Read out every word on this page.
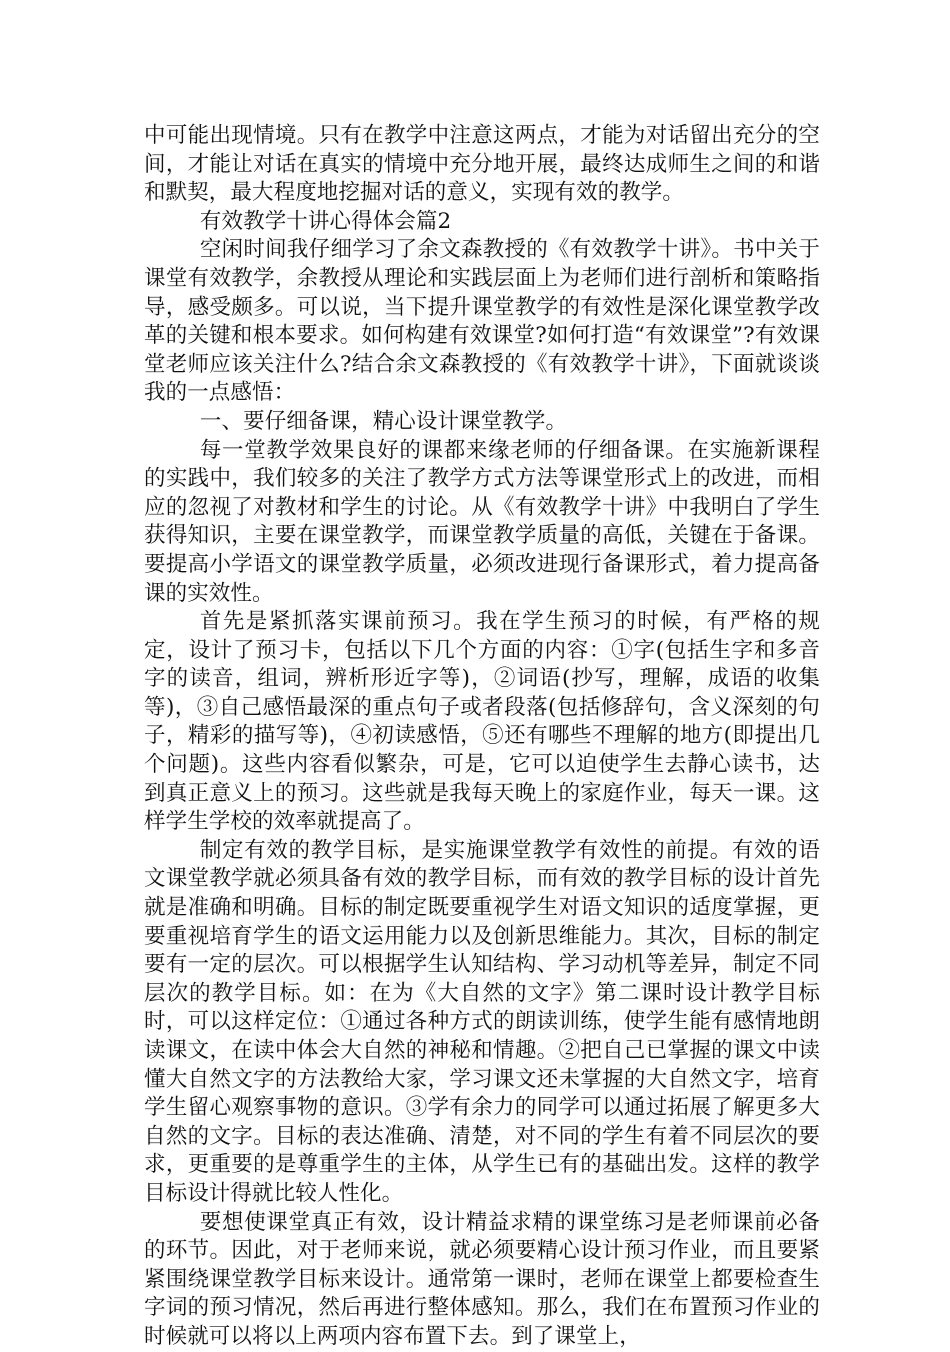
中可能出现情境。只有在教学中注意这两点，才能为对话留出充分的空间，才能让对话在真实的情境中充分地开展，最终达成师生之间的和谐和默契，最大程度地挖掘对话的意义，实现有效的教学。

有效教学十讲心得体会篇2

空闲时间我仔细学习了余文森教授的《有效教学十讲》。书中关于课堂有效教学，余教授从理论和实践层面上为老师们进行剖析和策略指导，感受颇多。可以说，当下提升课堂教学的有效性是深化课堂教学改革的关键和根本要求。如何构建有效课堂?如何打造“有效课堂”?有效课堂老师应该关注什么?结合余文森教授的《有效教学十讲》，下面就谈谈我的一点感悟：

一、要仔细备课，精心设计课堂教学。

每一堂教学效果良好的课都来缘老师的仔细备课。在实施新课程的实践中，我们较多的关注了教学方式方法等课堂形式上的改进，而相应的忽视了对教材和学生的讨论。从《有效教学十讲》中我明白了学生获得知识，主要在课堂教学，而课堂教学质量的高低，关键在于备课。要提高小学语文的课堂教学质量，必须改进现行备课形式，着力提高备课的实效性。

首先是紧抓落实课前预习。我在学生预习的时候，有严格的规定，设计了预习卡，包括以下几个方面的内容：①字(包括生字和多音字的读音，组词，辨析形近字等)，②词语(抄写，理解，成语的收集等)，③自己感悟最深的重点句子或者段落(包括修辞句，含义深刻的句子，精彩的描写等)，④初读感悟，⑤还有哪些不理解的地方(即提出几个问题)。这些内容看似繁杂，可是，它可以迫使学生去静心读书，达到真正意义上的预习。这些就是我每天晚上的家庭作业，每天一课。这样学生学校的效率就提高了。

制定有效的教学目标，是实施课堂教学有效性的前提。有效的语文课堂教学就必须具备有效的教学目标，而有效的教学目标的设计首先就是准确和明确。目标的制定既要重视学生对语文知识的适度掌握，更要重视培育学生的语文运用能力以及创新思维能力。其次，目标的制定要有一定的层次。可以根据学生认知结构、学习动机等差异，制定不同层次的教学目标。如：在为《大自然的文字》第二课时设计教学目标时，可以这样定位：①通过各种方式的朗读训练，使学生能有感情地朗读课文，在读中体会大自然的神秘和情趣。②把自己已掌握的课文中读懂大自然文字的方法教给大家，学习课文还未掌握的大自然文字，培育学生留心观察事物的意识。③学有余力的同学可以通过拓展了解更多大自然的文字。目标的表达准确、清楚，对不同的学生有着不同层次的要求，更重要的是尊重学生的主体，从学生已有的基础出发。这样的教学目标设计得就比较人性化。

要想使课堂真正有效，设计精益求精的课堂练习是老师课前必备的环节。因此，对于老师来说，就必须要精心设计预习作业，而且要紧紧围绕课堂教学目标来设计。通常第一课时，老师在课堂上都要检查生字词的预习情况，然后再进行整体感知。那么，我们在布置预习作业的时候就可以将以上两项内容布置下去。到了课堂上，
